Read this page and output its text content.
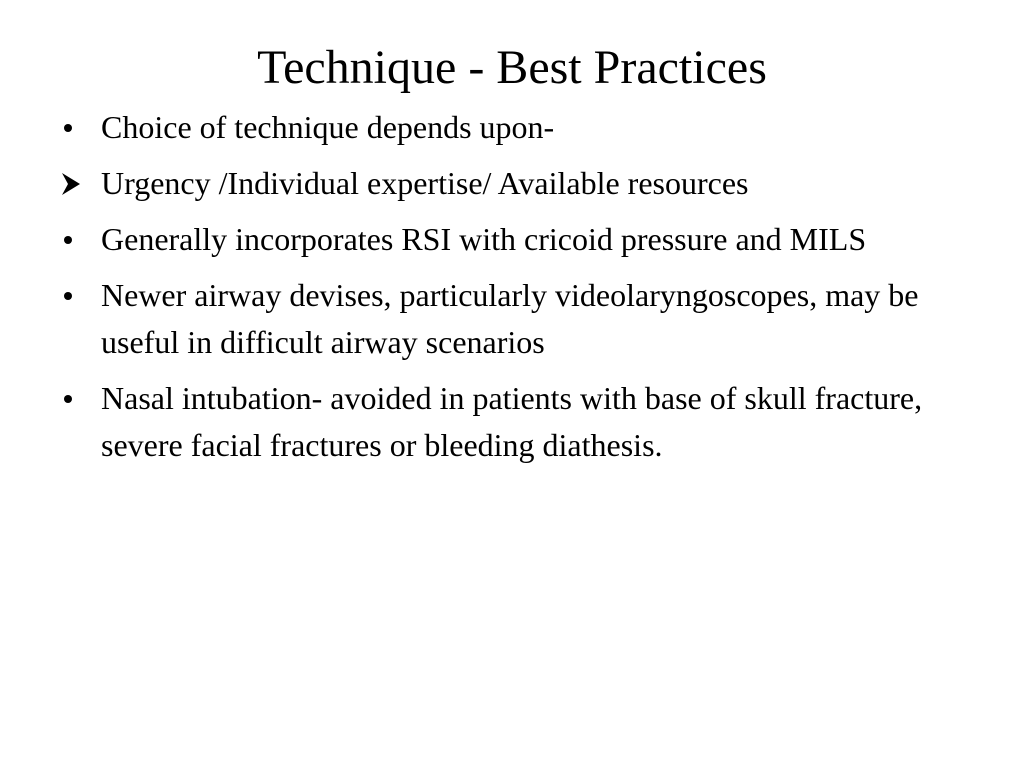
Technique - Best Practices
Choice of technique depends upon-
Urgency /Individual expertise/ Available resources
Generally incorporates RSI with cricoid pressure and MILS
Newer airway devises, particularly videolaryngoscopes, may be useful in difficult airway scenarios
Nasal intubation- avoided in patients with base of skull fracture, severe facial fractures or bleeding diathesis.
